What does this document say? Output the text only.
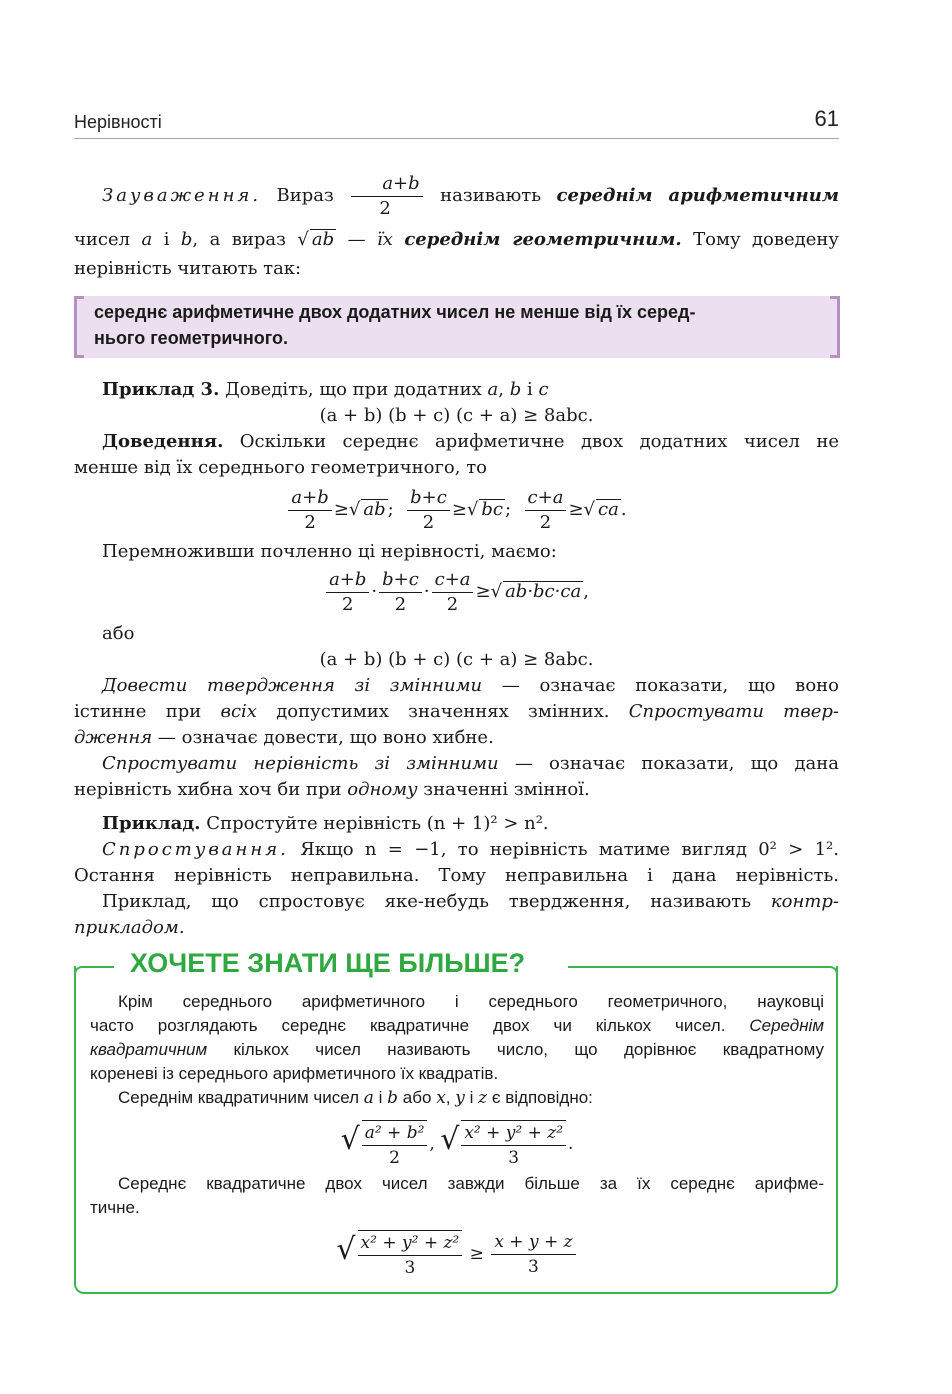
Нерівності	61
Зауваження. Вираз $\frac{a+b}{2}$ називають середнім арифметичним
чисел a і b, а вираз √ ab — їх середнім геометричним. Тому доведену
нерівність читають так:
середнє арифметичне двох додатних чисел не менше від їх серед-
нього геометричного.
Приклад 3. Доведіть, що при додатних a, b і c
(a + b) (b + c) (c + a) ≥ 8abc.
Доведення. Оскільки середнє арифметичне двох додатних чисел не
менше від їх середнього геометричного, то
$\frac{a+b}{2}$ ≥√ ab ; $\frac{b+c}{2}$ ≥√ bc ; $\frac{c+a}{2}$ ≥√ ca .
Перемноживши почленно ці нерівності, маємо:
$\frac{a+b}{2} \cdot \frac{b+c}{2} \cdot \frac{c+a}{2}$ ≥√ ab·bc·ca ,
або
(a + b) (b + c) (c + a) ≥ 8abc.
Довести твердження зі змінними — означає показати, що воно
істинне при всіх допустимих значеннях змінних. Спростувати твер-
дження — означає довести, що воно хибне.
Спростувати нерівність зі змінними — означає показати, що дана
нерівність хибна хоч би при одному значенні змінної.
Приклад. Спростуйте нерівність (n + 1)² > n².
Спростування. Якщо n = −1, то нерівність матиме вигляд 0² > 1².
Остання нерівність неправильна. Тому неправильна і дана нерівність.
Приклад, що спростовує яке-небудь твердження, називають контр-
прикладом.
ХОЧЕТЕ ЗНАТИ ЩЕ БІЛЬШЕ?
Крім середнього арифметичного і середнього геометричного, науковці
часто розглядають середнє квадратичне двох чи кількох чисел. Середнім
квадратичним кількох чисел називають число, що дорівнює квадратному
кореневі із середнього арифметичного їх квадратів.
Середнім квадратичним чисел a і b або x, y і z є відповідно:
√ $\frac{\text{a² + b²}}{2}$ , √ $\frac{\text{x² + y² + z²}}{3}$ .
Середнє квадратичне двох чисел завжди більше за їх середнє арифме-
тичне.
√ $\frac{\text{x² + y² + z²}}{3} \ge \frac{x + y + z}{3}$
